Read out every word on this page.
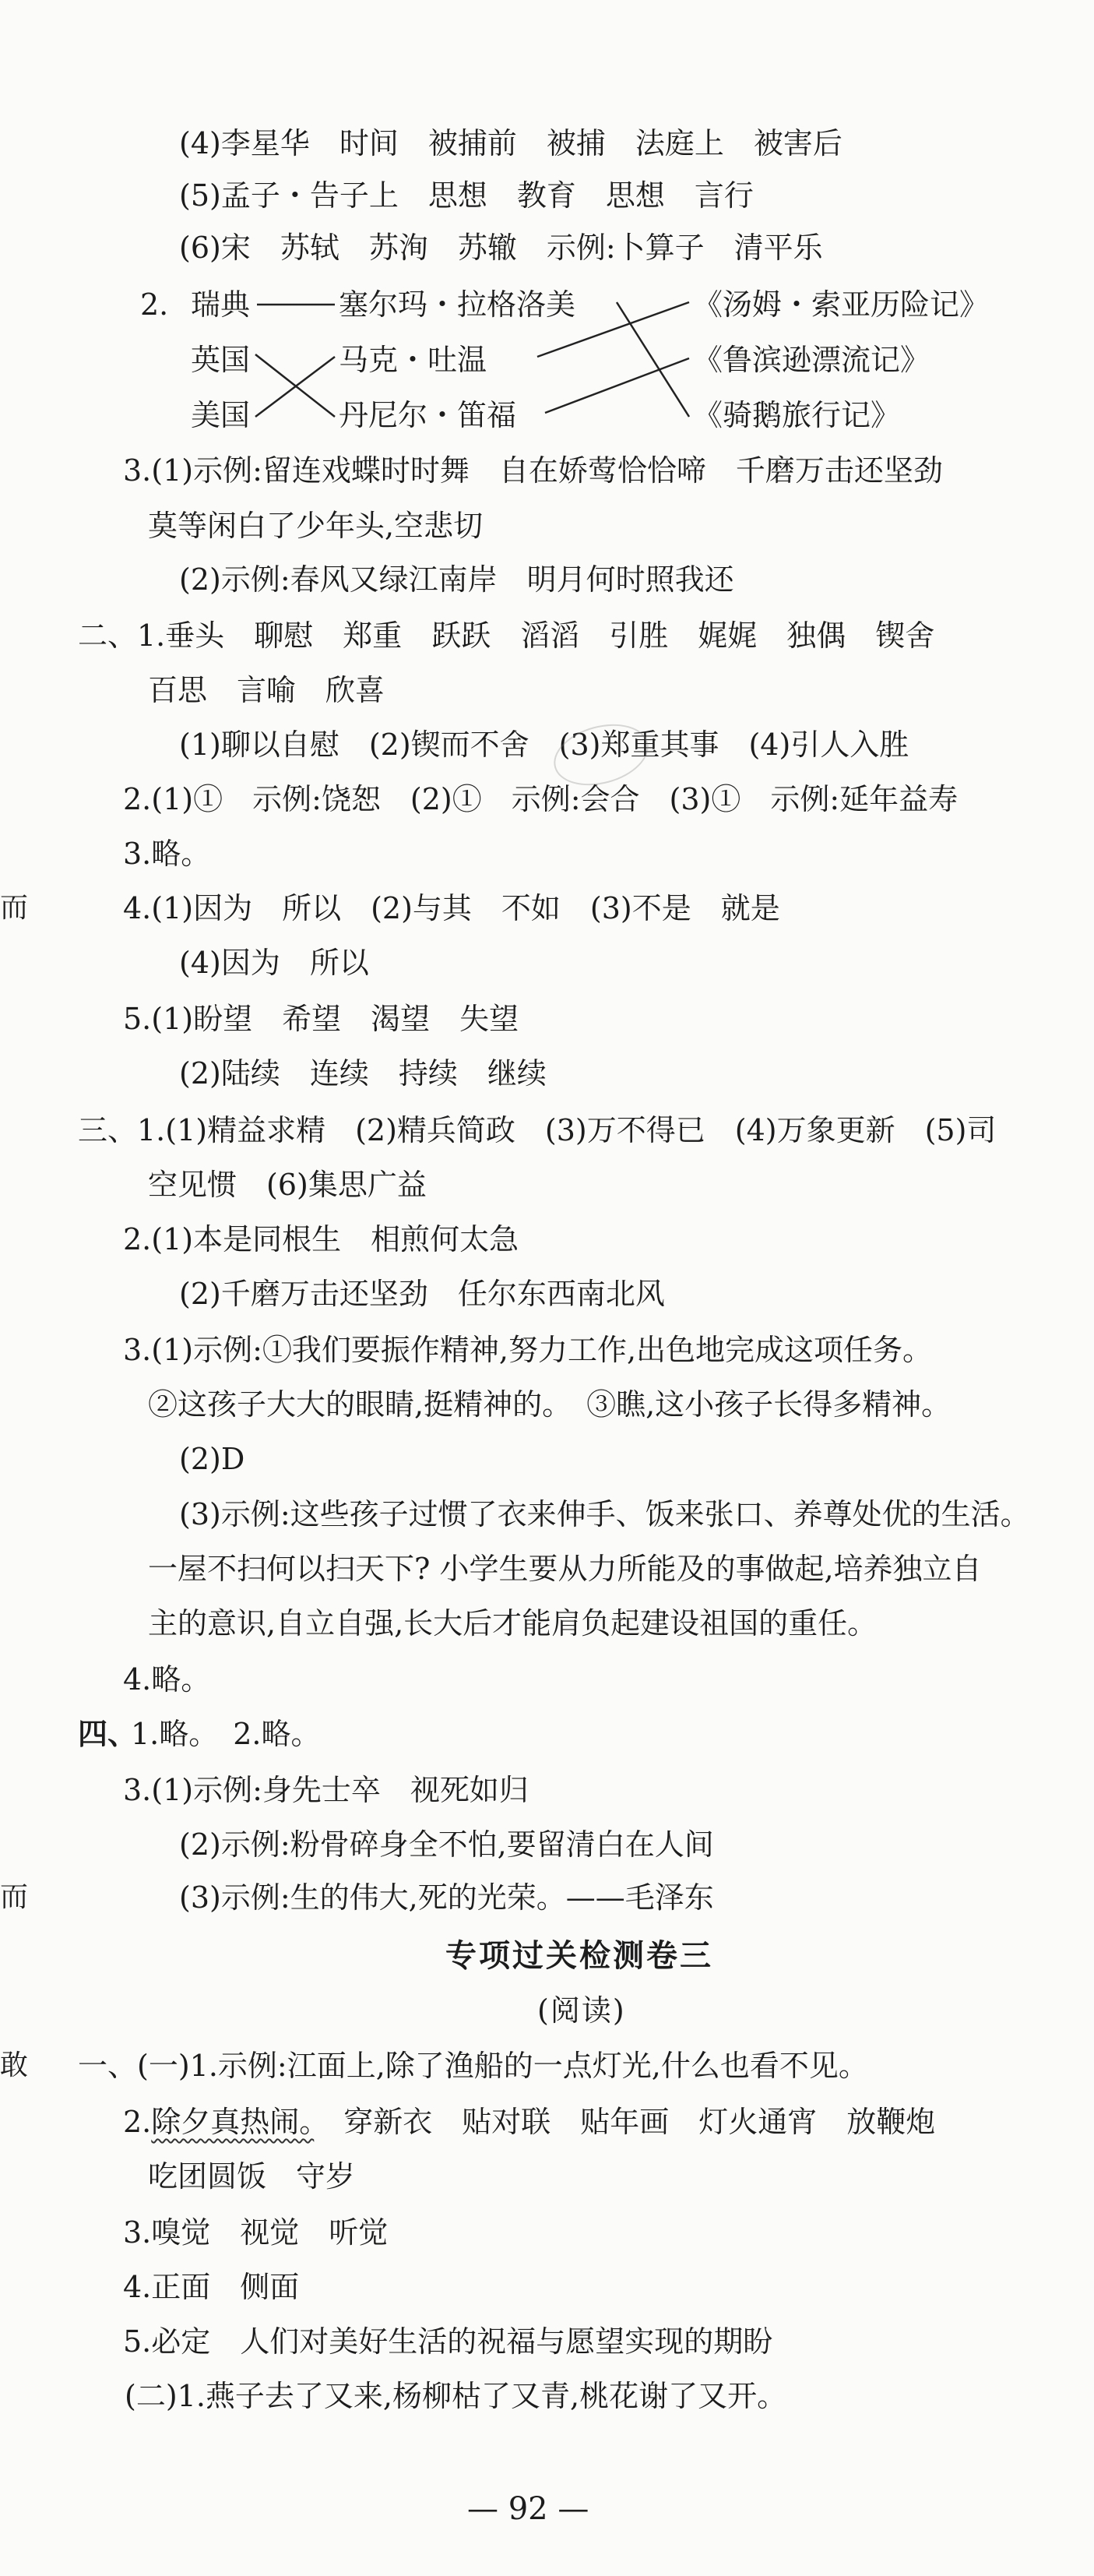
(4)李星华　时间　被捕前　被捕　法庭上　被害后
(5)孟子・告子上　思想　教育　思想　言行
(6)宋　苏轼　苏洵　苏辙　示例:卜算子　清平乐
2. 瑞典
英国
美国
塞尔玛・拉格洛美
马克・吐温
丹尼尔・笛福
《汤姆・索亚历险记》
《鲁滨逊漂流记》
《骑鹅旅行记》
3.(1)示例:留连戏蝶时时舞　自在娇莺恰恰啼　千磨万击还坚劲
莫等闲白了少年头,空悲切
(2)示例:春风又绿江南岸　明月何时照我还
二、1.垂头　聊慰　郑重　跃跃　滔滔　引胜　娓娓　独偶　锲舍
百思　言喻　欣喜
(1)聊以自慰　(2)锲而不舍　(3)郑重其事　(4)引人入胜
2.(1)①　示例:饶恕　(2)①　示例:会合　(3)①　示例:延年益寿
3.略。
而	4.(1)因为　所以　(2)与其　不如　(3)不是　就是
(4)因为　所以
5.(1)盼望　希望　渴望　失望
(2)陆续　连续　持续　继续
三、1.(1)精益求精　(2)精兵简政　(3)万不得已　(4)万象更新　(5)司
空见惯　(6)集思广益
2.(1)本是同根生　相煎何太急
(2)千磨万击还坚劲　任尔东西南北风
3.(1)示例:①我们要振作精神,努力工作,出色地完成这项任务。
②这孩子大大的眼睛,挺精神的。　③瞧,这小孩子长得多精神。
(2)D
(3)示例:这些孩子过惯了衣来伸手、饭来张口、养尊处优的生活。
一屋不扫何以扫天下? 小学生要从力所能及的事做起,培养独立自
主的意识,自立自强,长大后才能肩负起建设祖国的重任。
4.略。
四、
1.略。　2.略。
3.(1)示例:身先士卒　视死如归
(2)示例:粉骨碎身全不怕,要留清白在人间
而	(3)示例:生的伟大,死的光荣。——毛泽东
专项过关检测卷三
(阅读)
敢 一、(一)1.示例:江面上,除了渔船的一点灯光,什么也看不见。
2.除夕真热闹。　穿新衣　贴对联　贴年画　灯火通宵　放鞭炮
吃团圆饭　守岁
3.嗅觉　视觉　听觉
4.正面　侧面
5.必定　人们对美好生活的祝福与愿望实现的期盼
(二)1.燕子去了又来,杨柳枯了又青,桃花谢了又开。
— 92 —
